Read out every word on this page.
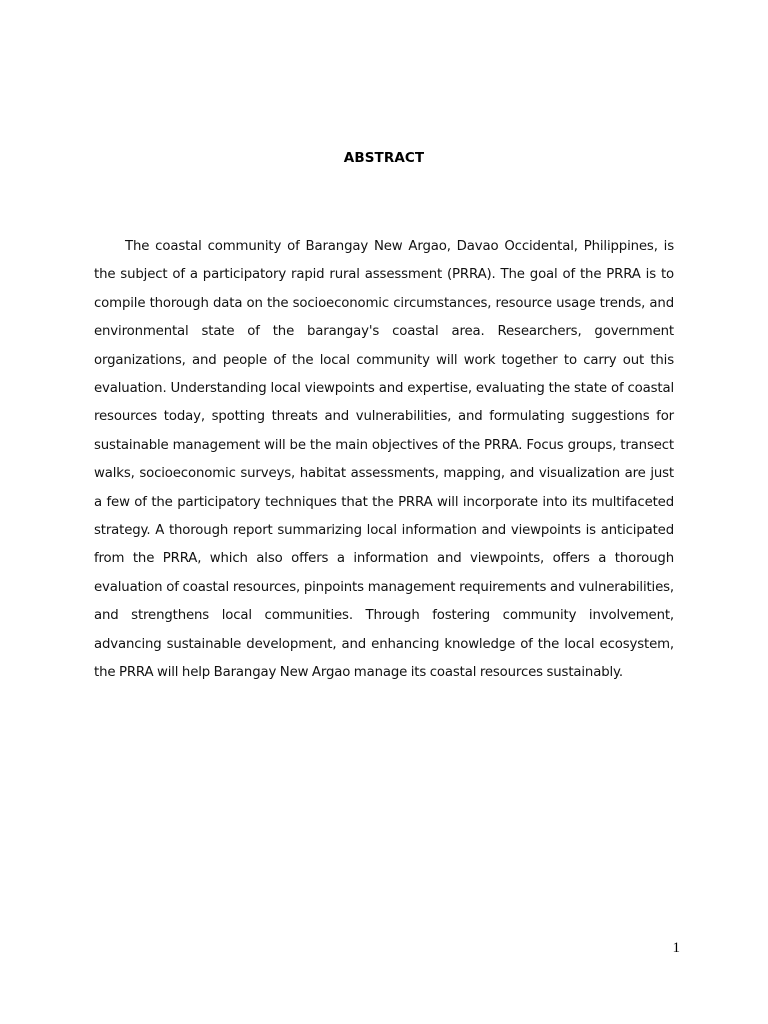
ABSTRACT

The coastal community of Barangay New Argao, Davao Occidental, Philippines, is the subject of a participatory rapid rural assessment (PRRA). The goal of the PRRA is to compile thorough data on the socioeconomic circumstances, resource usage trends, and environmental state of the barangay's coastal area. Researchers, government organizations, and people of the local community will work together to carry out this evaluation. Understanding local viewpoints and expertise, evaluating the state of coastal resources today, spotting threats and vulnerabilities, and formulating suggestions for sustainable management will be the main objectives of the PRRA. Focus groups, transect walks, socioeconomic surveys, habitat assessments, mapping, and visualization are just a few of the participatory techniques that the PRRA will incorporate into its multifaceted strategy. A thorough report summarizing local information and viewpoints is anticipated from the PRRA, which also offers a information and viewpoints, offers a thorough evaluation of coastal resources, pinpoints management requirements and vulnerabilities, and strengthens local communities. Through fostering community involvement, advancing sustainable development, and enhancing knowledge of the local ecosystem, the PRRA will help Barangay New Argao manage its coastal resources sustainably.

1
